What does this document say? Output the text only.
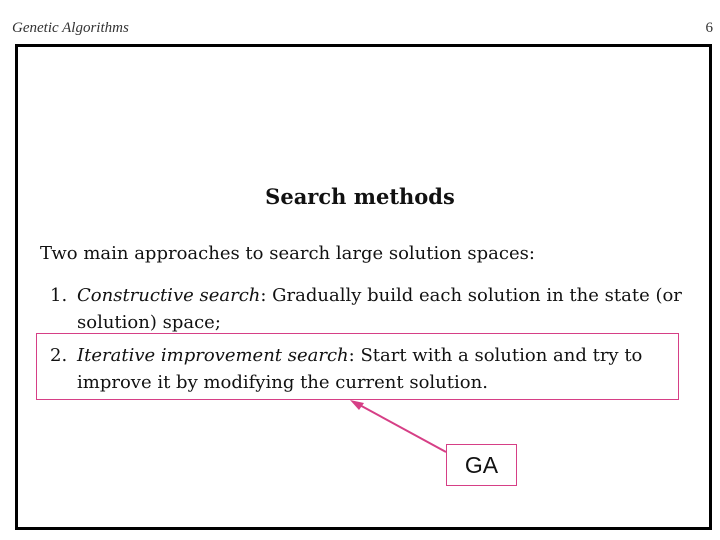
Genetic Algorithms	6
Search methods
Two main approaches to search large solution spaces:
1. Constructive search: Gradually build each solution in the state (or
solution) space;
2. Iterative improvement search: Start with a solution and try to
improve it by modifying the current solution.
GA
